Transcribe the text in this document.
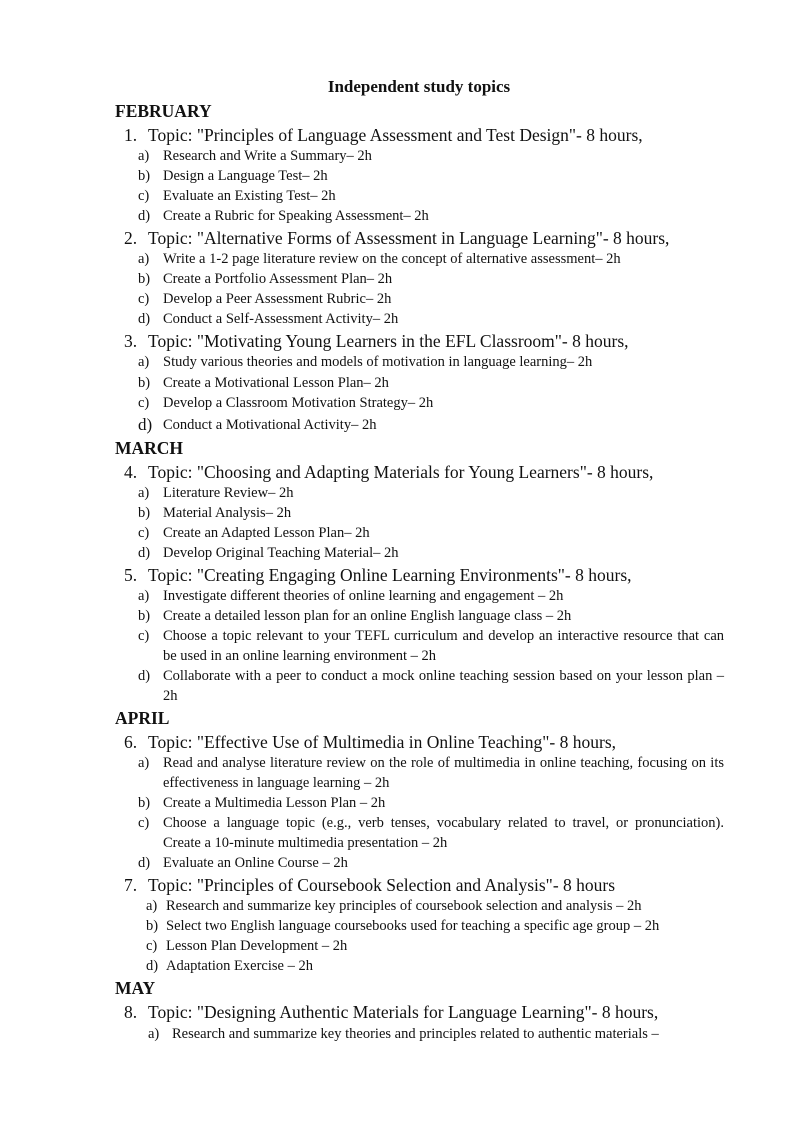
Independent study topics
FEBRUARY
1. Topic: "Principles of Language Assessment and Test Design"- 8 hours,
a) Research and Write a Summary– 2h
b) Design a Language Test– 2h
c) Evaluate an Existing Test– 2h
d) Create a Rubric for Speaking Assessment– 2h
2. Topic: "Alternative Forms of Assessment in Language Learning"- 8 hours,
a) Write a 1-2 page literature review on the concept of alternative assessment– 2h
b) Create a Portfolio Assessment Plan– 2h
c) Develop a Peer Assessment Rubric– 2h
d) Conduct a Self-Assessment Activity– 2h
3. Topic: "Motivating Young Learners in the EFL Classroom"- 8 hours,
a) Study various theories and models of motivation in language learning– 2h
b) Create a Motivational Lesson Plan– 2h
c) Develop a Classroom Motivation Strategy– 2h
d) Conduct a Motivational Activity– 2h
MARCH
4. Topic: "Choosing and Adapting Materials for Young Learners"- 8 hours,
a) Literature Review– 2h
b) Material Analysis– 2h
c) Create an Adapted Lesson Plan– 2h
d) Develop Original Teaching Material– 2h
5. Topic: "Creating Engaging Online Learning Environments"- 8 hours,
a) Investigate different theories of online learning and engagement – 2h
b) Create a detailed lesson plan for an online English language class – 2h
c) Choose a topic relevant to your TEFL curriculum and develop an interactive resource that can be used in an online learning environment – 2h
d) Collaborate with a peer to conduct a mock online teaching session based on your lesson plan – 2h
APRIL
6. Topic: "Effective Use of Multimedia in Online Teaching"- 8 hours,
a) Read and analyse literature review on the role of multimedia in online teaching, focusing on its effectiveness in language learning – 2h
b) Create a Multimedia Lesson Plan – 2h
c) Choose a language topic (e.g., verb tenses, vocabulary related to travel, or pronunciation). Create a 10-minute multimedia presentation – 2h
d) Evaluate an Online Course – 2h
7. Topic: "Principles of Coursebook Selection and Analysis"- 8 hours
a) Research and summarize key principles of coursebook selection and analysis – 2h
b) Select two English language coursebooks used for teaching a specific age group – 2h
c) Lesson Plan Development – 2h
d) Adaptation Exercise – 2h
MAY
8. Topic: "Designing Authentic Materials for Language Learning"- 8 hours,
a) Research and summarize key theories and principles related to authentic materials –
